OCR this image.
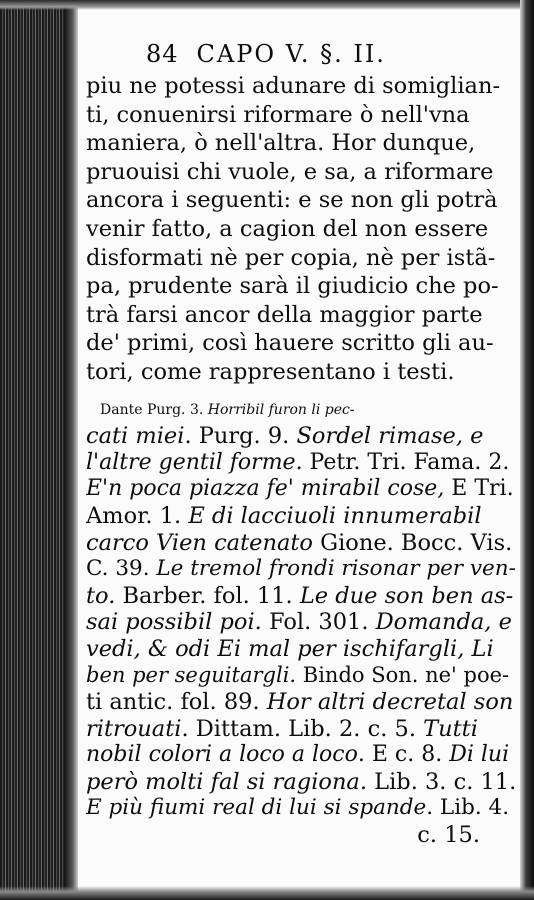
84 CAPO V. §. II.
piu ne potessi adunare di somiglian-
ti, conuenirsi riformare ò nell'vna
maniera, ò nell'altra. Hor dunque,
pruouisi chi vuole, e sa, a riformare
ancora i seguenti: e se non gli potrà
venir fatto, a cagion del non essere
disformati nè per copia, nè per istã-
pa, prudente sarà il giudicio che po-
trà farsi ancor della maggior parte
de' primi, così hauere scritto gli au-
tori, come rappresentano i testi.
Dante Purg. 3. Horribil furon li pec-
cati miei. Purg. 9. Sordel rimase, e
l'altre gentil forme. Petr. Tri. Fama. 2.
E'n poca piazza fe' mirabil cose, E Tri.
Amor. 1. E di lacciuoli innumerabil
carco Vien catenato Gione. Bocc. Vis.
C. 39. Le tremol frondi risonar per ven-
to. Barber. fol. 11. Le due son ben as-
sai possibil poi. Fol. 301. Domanda, e
vedi, & odi Ei mal per ischifargli, Li
ben per seguitargli. Bindo Son. ne' poe-
ti antic. fol. 89. Hor altri decretal son
ritrouati. Dittam. Lib. 2. c. 5. Tutti
nobil colori a loco a loco. E c. 8. Di lui
però molti fal si ragiona. Lib. 3. c. 11.
E più fiumi real di lui si spande. Lib. 4.
c. 15.
